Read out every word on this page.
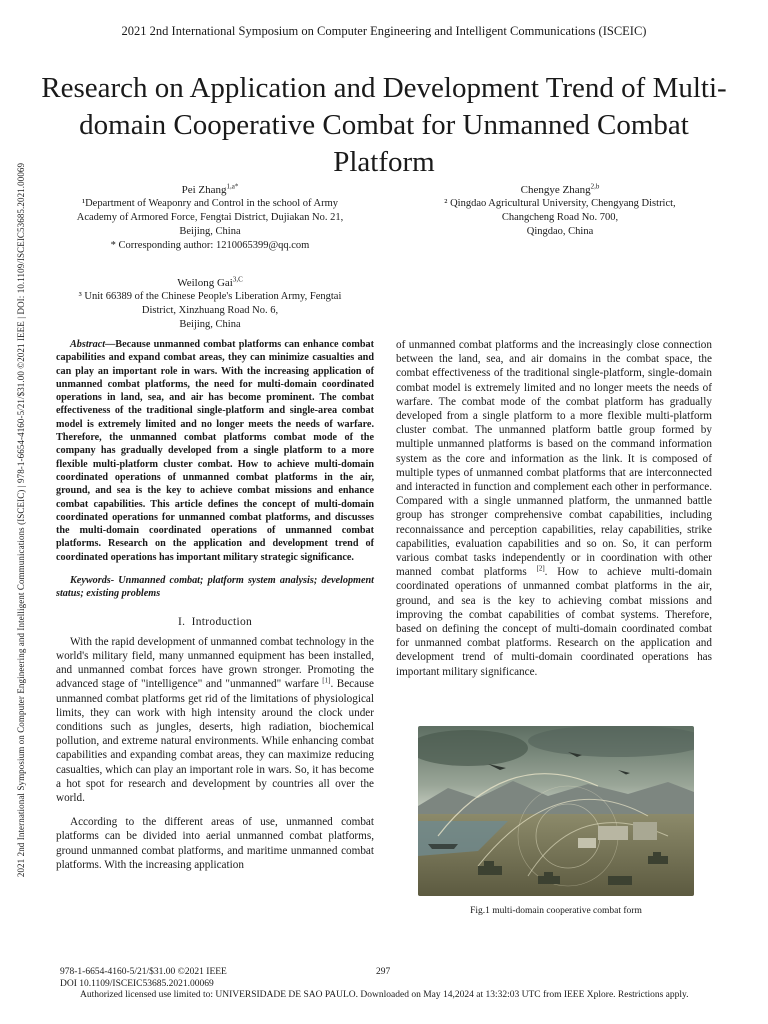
2021 2nd International Symposium on Computer Engineering and Intelligent Communications (ISCEIC)
2021 2nd International Symposium on Computer Engineering and Intelligent Communications (ISCEIC) | 978-1-6654-4160-5/21/$31.00 ©2021 IEEE | DOI: 10.1109/ISCEIC53685.2021.00069
Research on Application and Development Trend of Multi-domain Cooperative Combat for Unmanned Combat Platform
Pei Zhang$^{1,a*}$
¹Department of Weaponry and Control in the school of Army
Academy of Armored Force, Fengtai District, Dujiakan No. 21,
Beijing, China
* Corresponding author: 1210065399@qq.com
Chengye Zhang$^{2,b}$
² Qingdao Agricultural University, Chengyang District,
Changcheng Road No. 700,
Qingdao, China
Weilong Gai$^{3,C}$
³ Unit 66389 of the Chinese People's Liberation Army, Fengtai
District, Xinzhuang Road No. 6,
Beijing, China

Abstract—Because unmanned combat platforms can enhance combat capabilities and expand combat areas, they can minimize casualties and can play an important role in wars. With the increasing application of unmanned combat platforms, the need for multi-domain coordinated operations in land, sea, and air has become prominent. The combat effectiveness of the traditional single-platform and single-area combat model is extremely limited and no longer meets the needs of warfare. Therefore, the unmanned combat platforms combat mode of the company has gradually developed from a single platform to a more flexible multi-platform cluster combat. How to achieve multi-domain coordinated operations of unmanned combat platforms in the air, ground, and sea is the key to achieve combat missions and enhance combat capabilities. This article defines the concept of multi-domain coordinated operations for unmanned combat platforms, and discusses the multi-domain coordinated operations of unmanned combat platforms. Research on the application and development trend of coordinated operations has important military strategic significance.

Keywords- Unmanned combat; platform system analysis; development status; existing problems

I. Introduction

With the rapid development of unmanned combat technology in the world's military field, many unmanned equipment has been installed, and unmanned combat forces have grown stronger. Promoting the advanced stage of "intelligence" and "unmanned" warfare [1]. Because unmanned combat platforms get rid of the limitations of physiological limits, they can work with high intensity around the clock under conditions such as jungles, deserts, high radiation, biochemical pollution, and extreme natural environments. While enhancing combat capabilities and expanding combat areas, they can maximize reducing casualties, which can play an important role in wars. So, it has become a hot spot for research and development by countries all over the world.

According to the different areas of use, unmanned combat platforms can be divided into aerial unmanned combat platforms, ground unmanned combat platforms, and maritime unmanned combat platforms. With the increasing application

of unmanned combat platforms and the increasingly close connection between the land, sea, and air domains in the combat space, the combat effectiveness of the traditional single-platform, single-domain combat model is extremely limited and no longer meets the needs of warfare. The combat mode of the combat platform has gradually developed from a single platform to a more flexible multi-platform cluster combat. The unmanned platform battle group formed by multiple unmanned platforms is based on the command information system as the core and information as the link. It is composed of multiple types of unmanned combat platforms that are interconnected and interacted in function and complement each other in performance. Compared with a single unmanned platform, the unmanned battle group has stronger comprehensive combat capabilities, including reconnaissance and perception capabilities, relay capabilities, strike capabilities, evaluation capabilities and so on. So, it can perform various combat tasks independently or in coordination with other manned combat platforms [2]. How to achieve multi-domain coordinated operations of unmanned combat platforms in the air, ground, and sea is the key to achieving combat missions and improving the combat capabilities of combat systems. Therefore, based on defining the concept of multi-domain coordinated combat for unmanned combat platforms. Research on the application and development trend of multi-domain coordinated operations has important military significance.

Fig.1 multi-domain cooperative combat form
978-1-6654-4160-5/21/$31.00 ©2021 IEEE	297
DOI 10.1109/ISCEIC53685.2021.00069
Authorized licensed use limited to: UNIVERSIDADE DE SAO PAULO. Downloaded on May 14,2024 at 13:32:03 UTC from IEEE Xplore. Restrictions apply.
